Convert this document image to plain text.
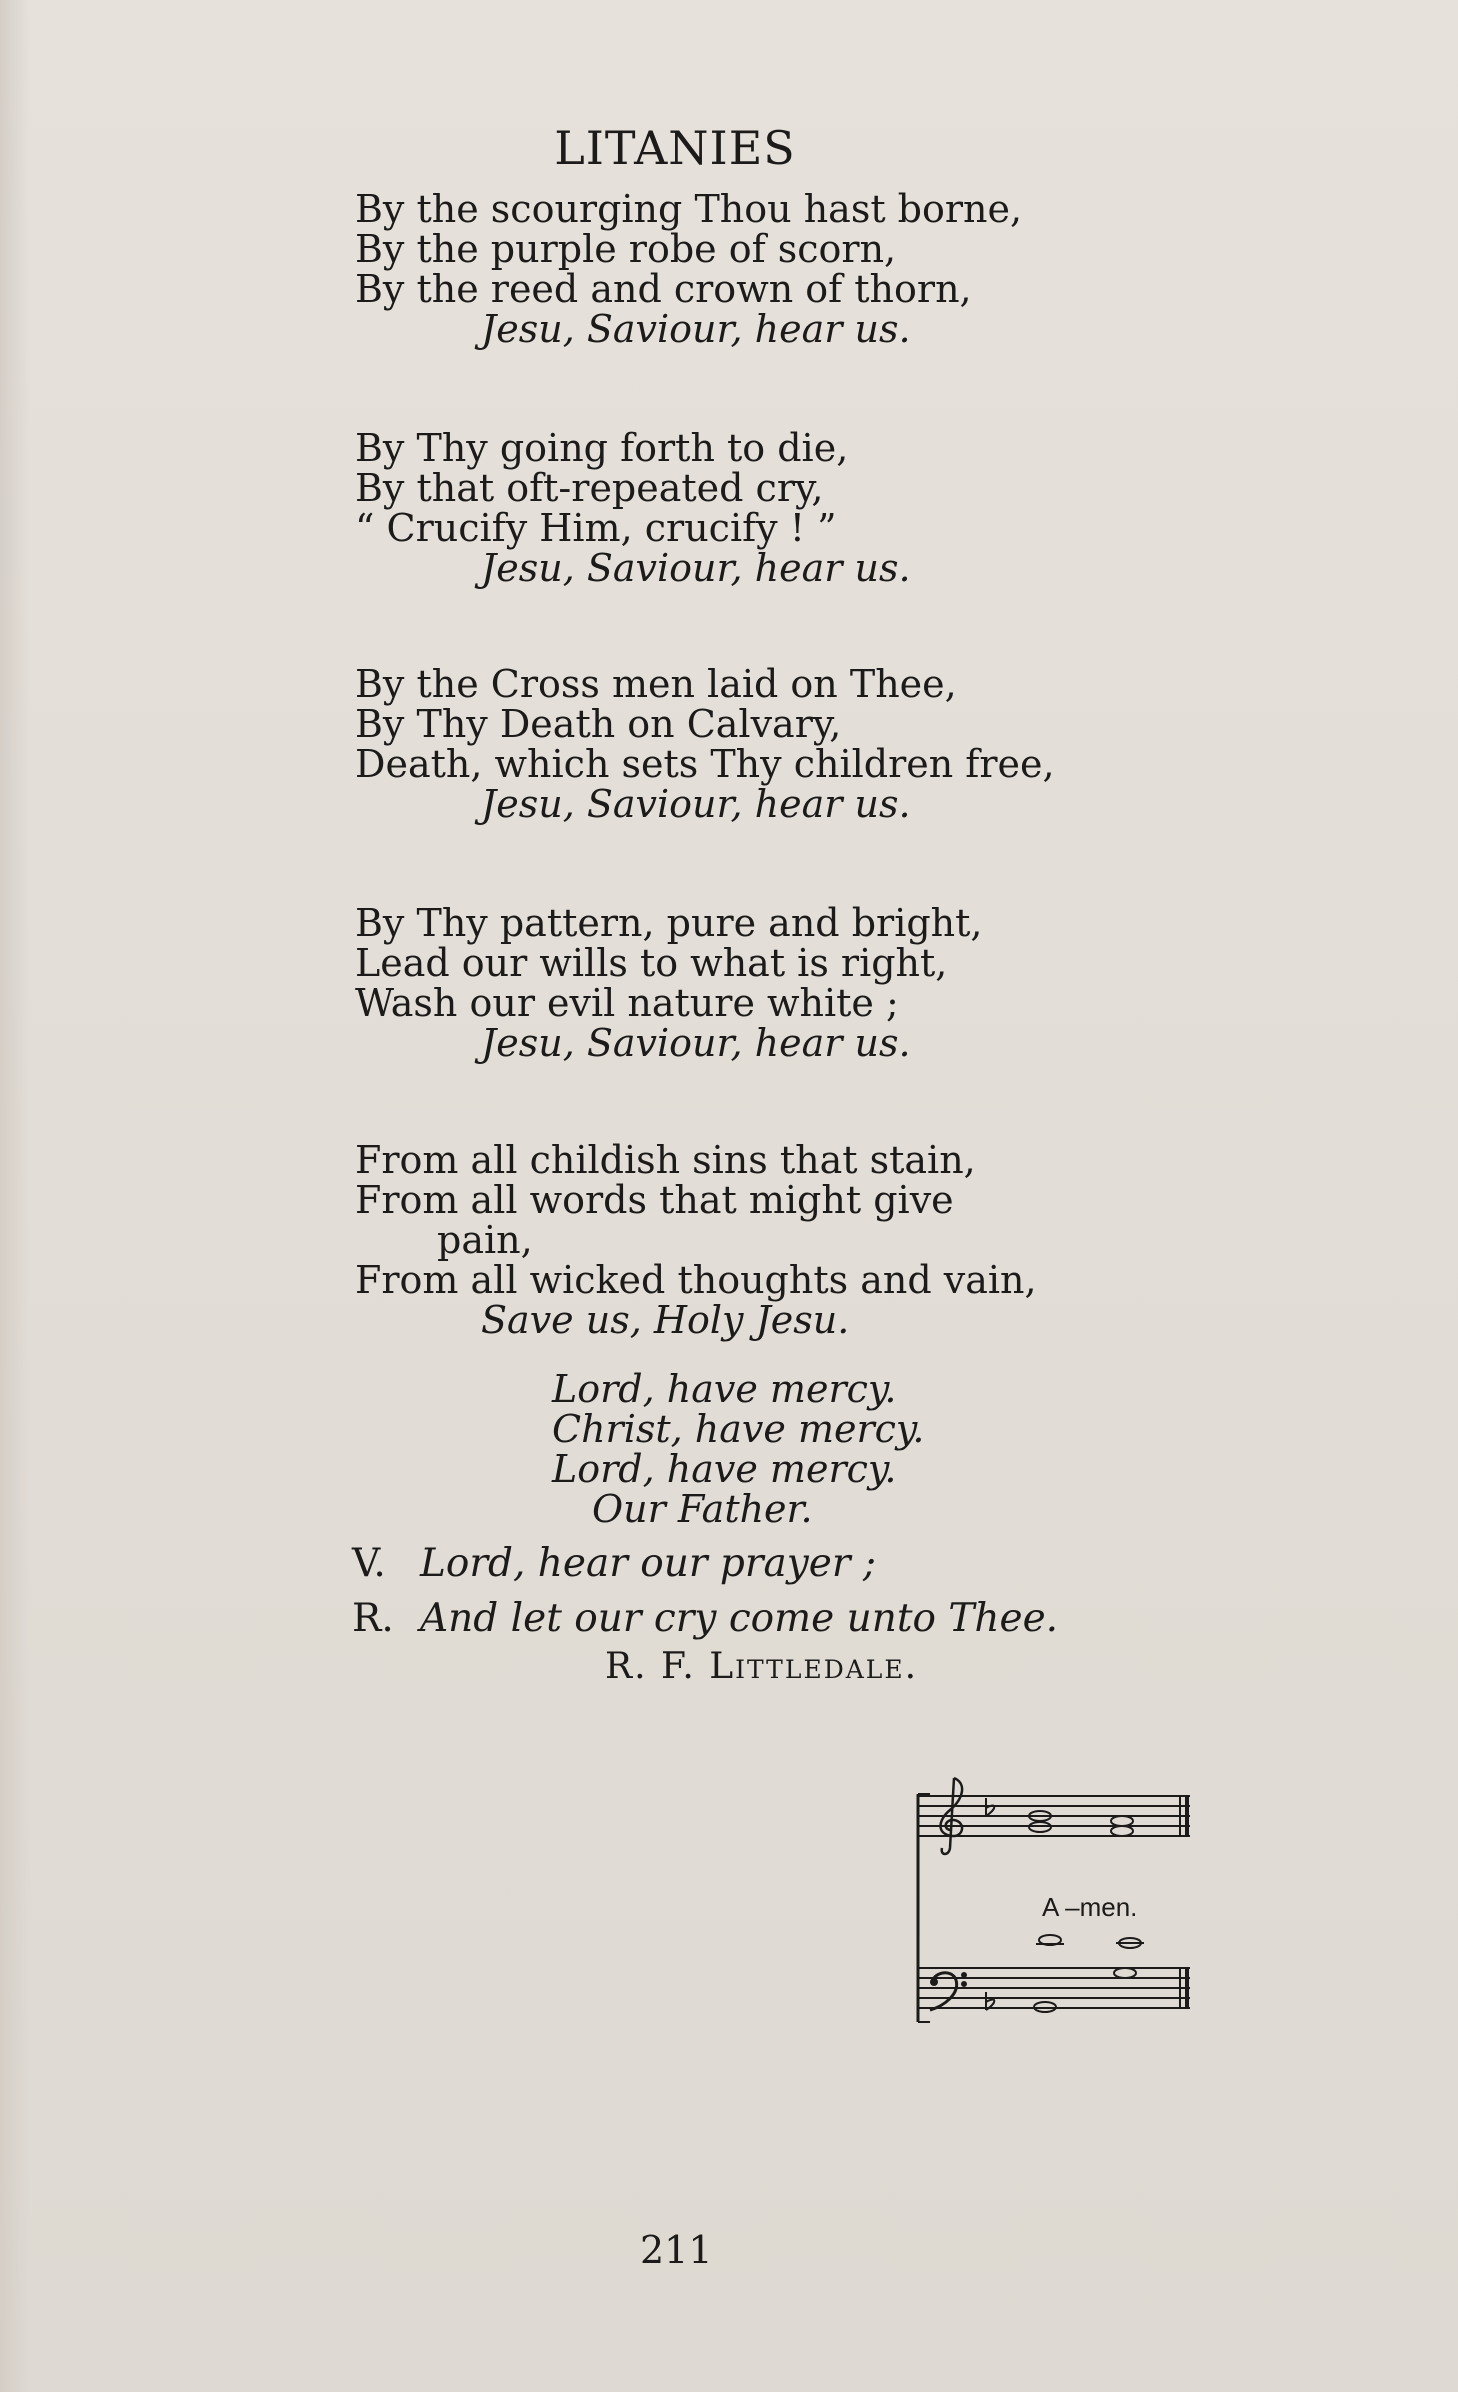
LITANIES
By the scourging Thou hast borne,
By the purple robe of scorn,
By the reed and crown of thorn,
Jesu, Saviour, hear us.
By Thy going forth to die,
By that oft-repeated cry,
“ Crucify Him, crucify ! ”
Jesu, Saviour, hear us.
By the Cross men laid on Thee,
By Thy Death on Calvary,
Death, which sets Thy children free,
Jesu, Saviour, hear us.
By Thy pattern, pure and bright,
Lead our wills to what is right,
Wash our evil nature white ;
Jesu, Saviour, hear us.
From all childish sins that stain,
From all words that might give
pain,
From all wicked thoughts and vain,
Save us, Holy Jesu.
Lord, have mercy.
Christ, have mercy.
Lord, have mercy.
Our Father.
V. Lord, hear our prayer ;
R. And let our cry come unto Thee.
R. F. Littledale.
A –men.
211
